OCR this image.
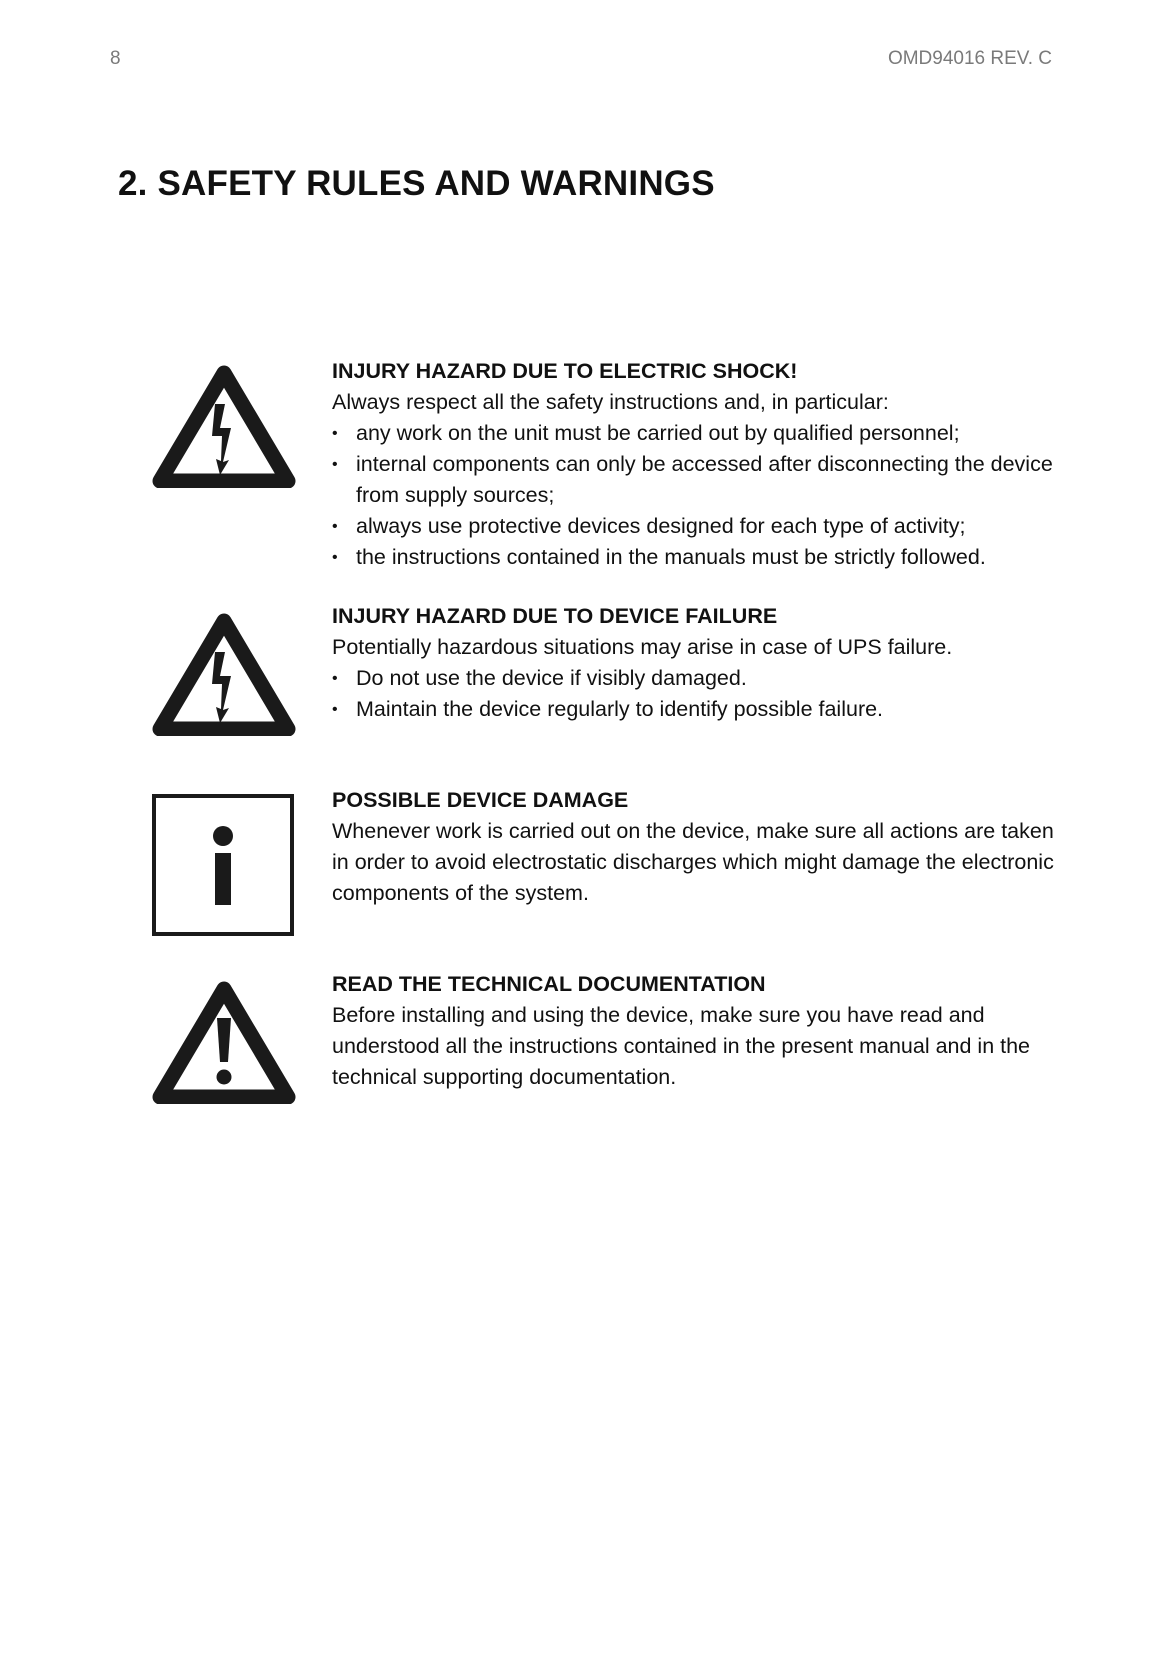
8	OMD94016 REV. C
2. SAFETY RULES AND WARNINGS

INJURY HAZARD DUE TO ELECTRIC SHOCK!

Always respect all the safety instructions and, in particular:

• any work on the unit must be carried out by qualified personnel;
• internal components can only be accessed after disconnecting the device from supply sources;
• always use protective devices designed for each type of activity;
• the instructions contained in the manuals must be strictly followed.

INJURY HAZARD DUE TO DEVICE FAILURE

Potentially hazardous situations may arise in case of UPS failure.

• Do not use the device if visibly damaged.
• Maintain the device regularly to identify possible failure.

POSSIBLE DEVICE DAMAGE

Whenever work is carried out on the device, make sure all actions are taken in order to avoid electrostatic discharges which might damage the electronic components of the system.

READ THE TECHNICAL DOCUMENTATION

Before installing and using the device, make sure you have read and understood all the instructions contained in the present manual and in the technical supporting documentation.
